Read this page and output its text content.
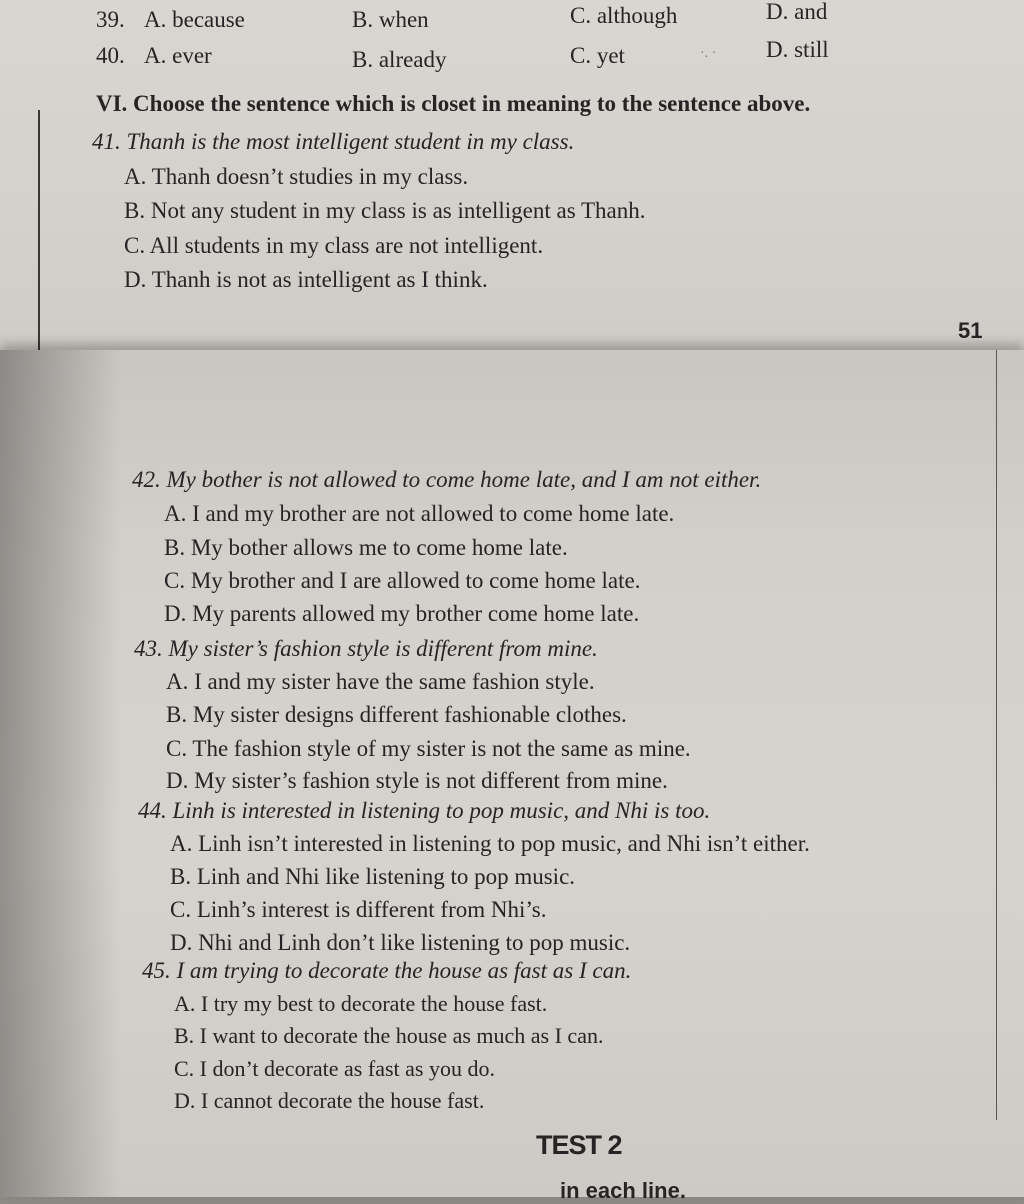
39. A. because	B. when	C. although	D. and
40. A. ever	B. already	C. yet	D. still
·. ·
VI. Choose the sentence which is closet in meaning to the sentence above.
41. Thanh is the most intelligent student in my class.
A. Thanh doesn’t studies in my class.
B. Not any student in my class is as intelligent as Thanh.
C. All students in my class are not intelligent.
D. Thanh is not as intelligent as I think.
51
42. My bother is not allowed to come home late, and I am not either.
A. I and my brother are not allowed to come home late.
B. My bother allows me to come home late.
C. My brother and I are allowed to come home late.
D. My parents allowed my brother come home late.
43. My sister’s fashion style is different from mine.
A. I and my sister have the same fashion style.
B. My sister designs different fashionable clothes.
C. The fashion style of my sister is not the same as mine.
D. My sister’s fashion style is not different from mine.
44. Linh is interested in listening to pop music, and Nhi is too.
A. Linh isn’t interested in listening to pop music, and Nhi isn’t either.
B. Linh and Nhi like listening to pop music.
C. Linh’s interest is different from Nhi’s.
D. Nhi and Linh don’t like listening to pop music.
45. I am trying to decorate the house as fast as I can.
A. I try my best to decorate the house fast.
B. I want to decorate the house as much as I can.
C. I don’t decorate as fast as you do.
D. I cannot decorate the house fast.
TEST 2
in each line.
